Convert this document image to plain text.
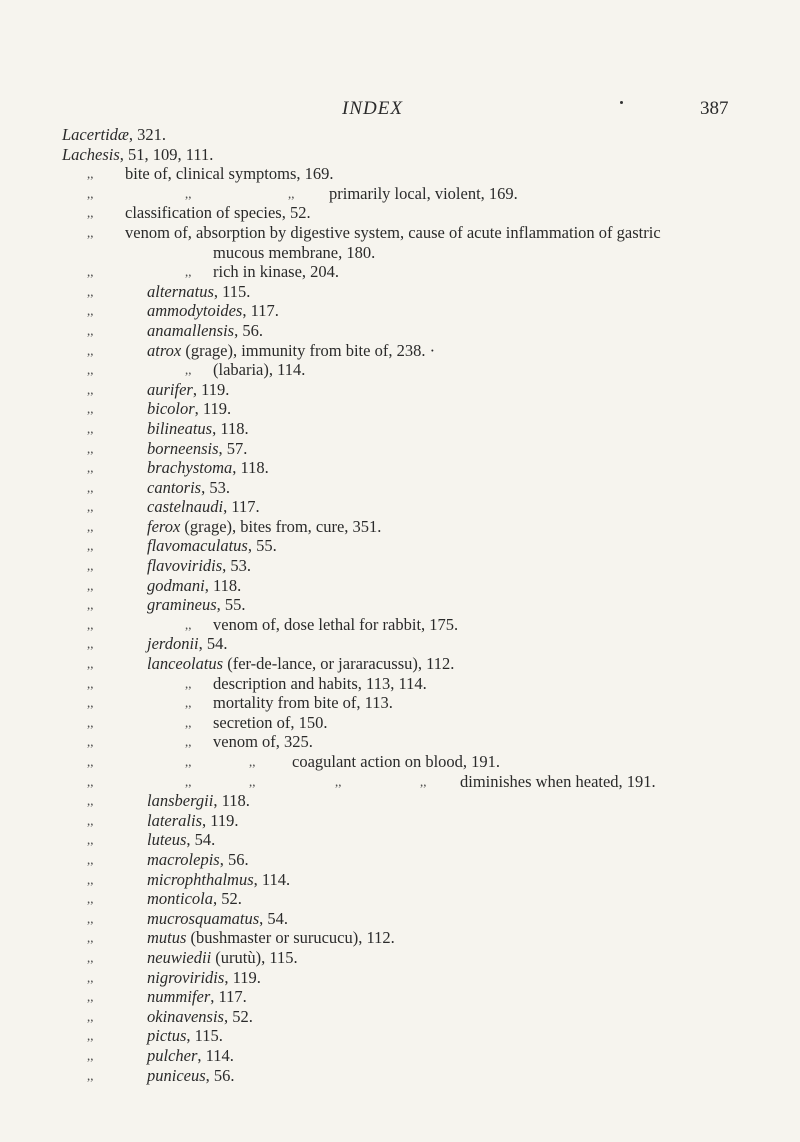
INDEX	387
Lacertidæ, 321.
Lachesis, 51, 109, 111.
,, bite of, clinical symptoms, 169.
,,	,,	,, primarily local, violent, 169.
,, classification of species, 52.
,, venom of, absorption by digestive system, cause of acute inflammation of gastric
mucous membrane, 180.
,,	,, rich in kinase, 204.
,,	alternatus, 115.
,,	ammodytoides, 117.
,,	anamallensis, 56.
,,	atrox (grage), immunity from bite of, 238. ·
,,	,, (labaria), 114.
,,	aurifer, 119.
,,	bicolor, 119.
,,	bilineatus, 118.
,,	borneensis, 57.
,,	brachystoma, 118.
,,	cantoris, 53.
,,	castelnaudi, 117.
,,	ferox (grage), bites from, cure, 351.
,,	flavomaculatus, 55.
,,	flavoviridis, 53.
,,	godmani, 118.
,,	gramineus, 55.
,,	,, venom of, dose lethal for rabbit, 175.
,,	jerdonii, 54.
,,	lanceolatus (fer-de-lance, or jararacussu), 112.
,,	,, description and habits, 113, 114.
,,	,, mortality from bite of, 113.
,,	,, secretion of, 150.
,,	,, venom of, 325.
,,	,,	,, coagulant action on blood, 191.
,,	,,	,,	,,	,, diminishes when heated, 191.
,,	lansbergii, 118.
,,	lateralis, 119.
,,	luteus, 54.
,,	macrolepis, 56.
,,	microphthalmus, 114.
,,	monticola, 52.
,,	mucrosquamatus, 54.
,,	mutus (bushmaster or surucucu), 112.
,,	neuwiedii (urutù), 115.
,,	nigroviridis, 119.
,,	nummifer, 117.
,,	okinavensis, 52.
,,	pictus, 115.
,,	pulcher, 114.
,,	puniceus, 56.
